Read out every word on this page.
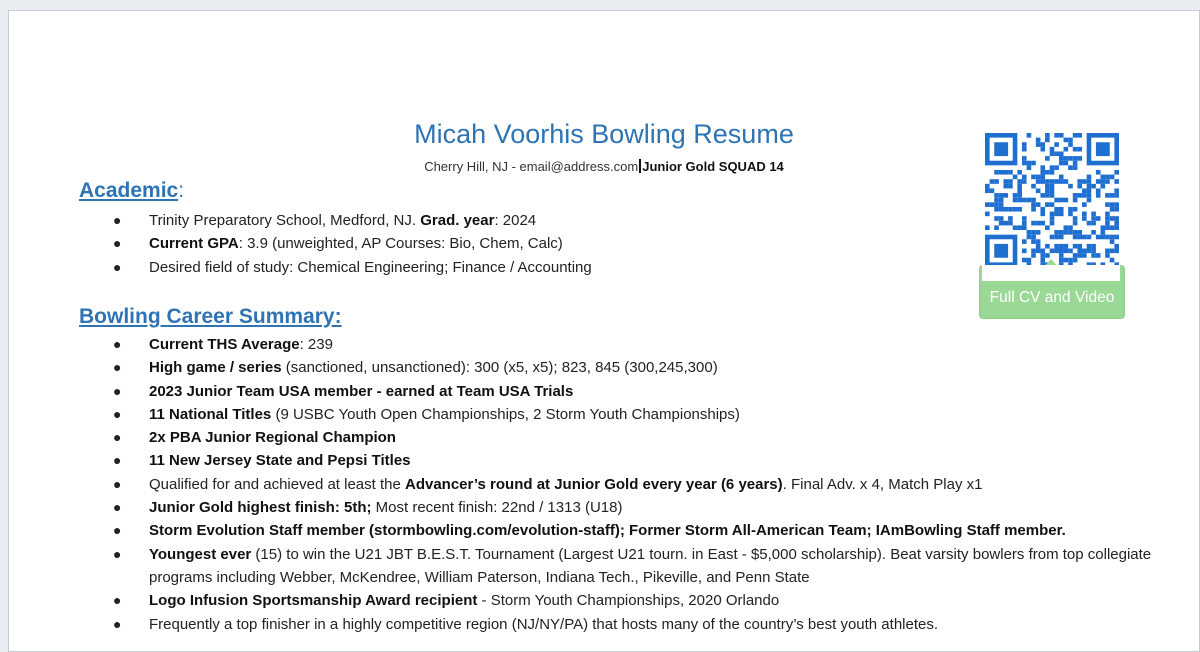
Micah Voorhis Bowling Resume
Cherry Hill, NJ - email@address.com Junior Gold SQUAD 14
Full CV and Video
Academic:
● Trinity Preparatory School, Medford, NJ. Grad. year: 2024
● Current GPA: 3.9 (unweighted, AP Courses: Bio, Chem, Calc)
● Desired field of study: Chemical Engineering; Finance / Accounting
Bowling Career Summary:
● Current THS Average: 239
● High game / series (sanctioned, unsanctioned): 300 (x5, x5); 823, 845 (300,245,300)
● 2023 Junior Team USA member - earned at Team USA Trials
● 11 National Titles (9 USBC Youth Open Championships, 2 Storm Youth Championships)
● 2x PBA Junior Regional Champion
● 11 New Jersey State and Pepsi Titles
● Qualified for and achieved at least the Advancer’s round at Junior Gold every year (6 years). Final Adv. x 4, Match Play x1
● Junior Gold highest finish: 5th; Most recent finish: 22nd / 1313 (U18)
● Storm Evolution Staff member (stormbowling.com/evolution-staff); Former Storm All-American Team; IAmBowling Staff member.
● Youngest ever (15) to win the U21 JBT B.E.S.T. Tournament (Largest U21 tourn. in East - $5,000 scholarship). Beat varsity bowlers from top collegiate programs including Webber, McKendree, William Paterson, Indiana Tech., Pikeville, and Penn State
● Logo Infusion Sportsmanship Award recipient - Storm Youth Championships, 2020 Orlando
● Frequently a top finisher in a highly competitive region (NJ/NY/PA) that hosts many of the country’s best youth athletes.
